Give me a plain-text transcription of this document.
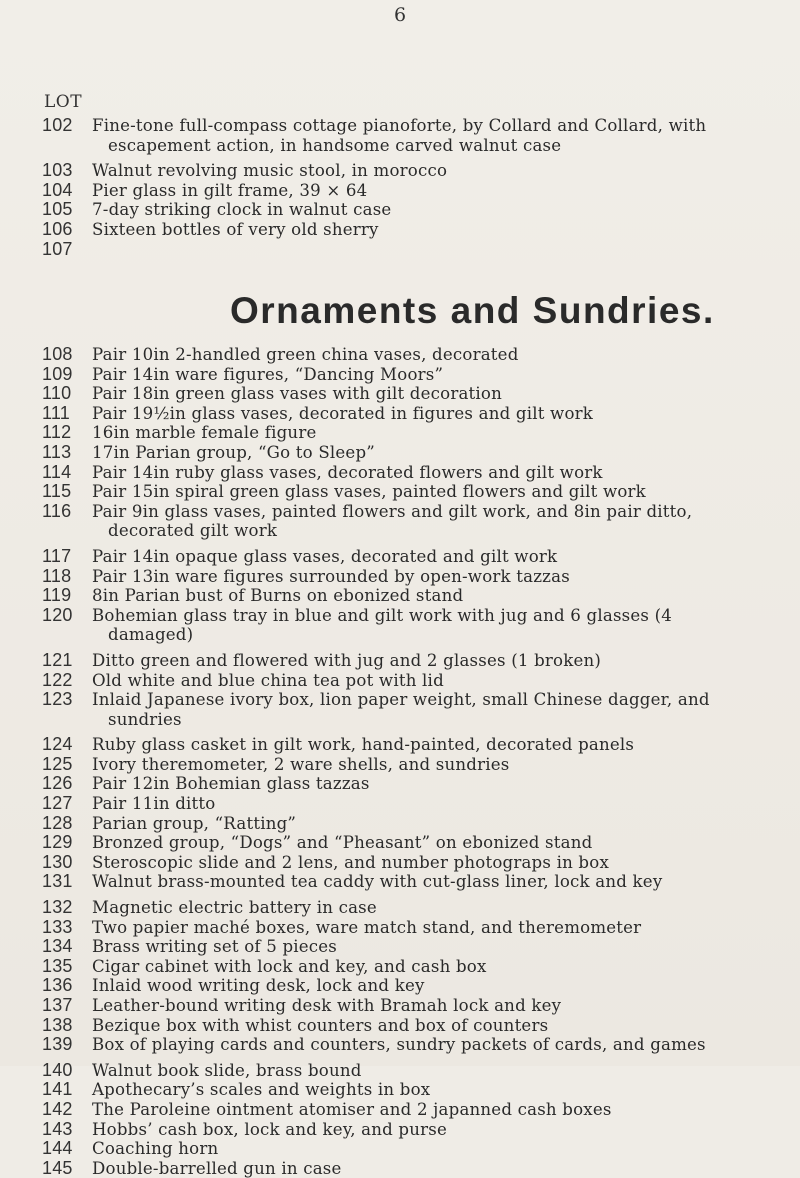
6
LOT
102	Fine-tone full-compass cottage pianoforte, by Collard and Collard, with escapement action, in handsome carved walnut case
103	Walnut revolving music stool, in morocco
104	Pier glass in gilt frame, 39 × 64
105	7-day striking clock in walnut case
106	Sixteen bottles of very old sherry
107
Ornaments and Sundries.
108	Pair 10in 2-handled green china vases, decorated
109	Pair 14in ware figures, “Dancing Moors”
110	Pair 18in green glass vases with gilt decoration
111	Pair 19½in glass vases, decorated in figures and gilt work
112	16in marble female figure
113	17in Parian group, “Go to Sleep”
114	Pair 14in ruby glass vases, decorated flowers and gilt work
115	Pair 15in spiral green glass vases, painted flowers and gilt work
116	Pair 9in glass vases, painted flowers and gilt work, and 8in pair ditto, decorated gilt work
117	Pair 14in opaque glass vases, decorated and gilt work
118	Pair 13in ware figures surrounded by open-work tazzas
119	8in Parian bust of Burns on ebonized stand
120	Bohemian glass tray in blue and gilt work with jug and 6 glasses (4 damaged)
121	Ditto green and flowered with jug and 2 glasses (1 broken)
122	Old white and blue china tea pot with lid
123	Inlaid Japanese ivory box, lion paper weight, small Chinese dagger, and sundries
124	Ruby glass casket in gilt work, hand-painted, decorated panels
125	Ivory theremometer, 2 ware shells, and sundries
126	Pair 12in Bohemian glass tazzas
127	Pair 11in ditto
128	Parian group, “Ratting”
129	Bronzed group, “Dogs” and “Pheasant” on ebonized stand
130	Steroscopic slide and 2 lens, and number photograps in box
131	Walnut brass-mounted tea caddy with cut-glass liner, lock and key
132	Magnetic electric battery in case
133	Two papier maché boxes, ware match stand, and theremometer
134	Brass writing set of 5 pieces
135	Cigar cabinet with lock and key, and cash box
136	Inlaid wood writing desk, lock and key
137	Leather-bound writing desk with Bramah lock and key
138	Bezique box with whist counters and box of counters
139	Box of playing cards and counters, sundry packets of cards, and games
140	Walnut book slide, brass bound
141	Apothecary’s scales and weights in box
142	The Paroleine ointment atomiser and 2 japanned cash boxes
143	Hobbs’ cash box, lock and key, and purse
144	Coaching horn
145	Double-barrelled gun in case
